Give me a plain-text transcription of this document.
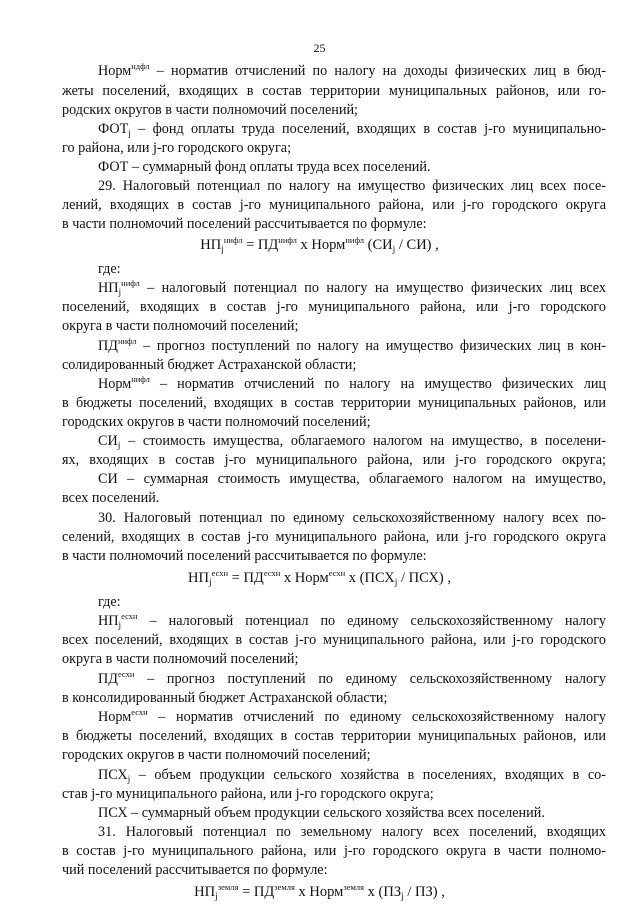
25
Норм$^{ндфл}$ – норматив отчислений по налогу на доходы физических лиц в бюд-
жеты поселений, входящих в состав территории муниципальных районов, или го-
родских округов в части полномочий поселений;
$ФОТ_j$ – фонд оплаты труда поселений, входящих в состав j-го муниципально-
го района, или j-го городского округа;
ФОТ – суммарный фонд оплаты труда всех поселений.
29. Налоговый потенциал по налогу на имущество физических лиц всех посе-
лений, входящих в состав j-го муниципального района, или j-го городского округа
в части полномочий поселений рассчитывается по формуле:
$НП_j^{нифл} = ПД^{нифл}$ х Норм$^{нифл}$ $(СИ_j / СИ)$ ,
где:
$НП_j^{нифл}$ – налоговый потенциал по налогу на имущество физических лиц всех
поселений, входящих в состав j-го муниципального района, или j-го городского
округа в части полномочий поселений;
$ПД^{нифл}$ – прогноз поступлений по налогу на имущество физических лиц в кон-
солидированный бюджет Астраханской области;
Норм$^{нифл}$ – норматив отчислений по налогу на имущество физических лиц
в бюджеты поселений, входящих в состав территории муниципальных районов, или
городских округов в части полномочий поселений;
$СИ_j$ – стоимость имущества, облагаемого налогом на имущество, в поселени-
ях, входящих в состав j-го муниципального района, или j-го городского округа;
СИ – суммарная стоимость имущества, облагаемого налогом на имущество,
всех поселений.
30. Налоговый потенциал по единому сельскохозяйственному налогу всех по-
селений, входящих в состав j-го муниципального района, или j-го городского округа
в части полномочий поселений рассчитывается по формуле:
$НП_j^{есхн} = ПД^{есхн}$ х Норм$^{есхн}$ х $(ПСХ_j / ПСХ)$ ,
где:
$НП_j^{есхн}$ – налоговый потенциал по единому сельскохозяйственному налогу
всех поселений, входящих в состав j-го муниципального района, или j-го городского
округа в части полномочий поселений;
$ПД^{есхн}$ – прогноз поступлений по единому сельскохозяйственному налогу
в консолидированный бюджет Астраханской области;
Норм$^{есхн}$ – норматив отчислений по единому сельскохозяйственному налогу
в бюджеты поселений, входящих в состав территории муниципальных районов, или
городских округов в части полномочий поселений;
$ПСХ_j$ – объем продукции сельского хозяйства в поселениях, входящих в со-
став j-го муниципального района, или j-го городского округа;
ПСХ – суммарный объем продукции сельского хозяйства всех поселений.
31. Налоговый потенциал по земельному налогу всех поселений, входящих
в состав j-го муниципального района, или j-го городского округа в части полномо-
чий поселений рассчитывается по формуле:
$НП_j^{земля} = ПД^{земля}$ х Норм$^{земля}$ х $(ПЗ_j / ПЗ)$ ,
